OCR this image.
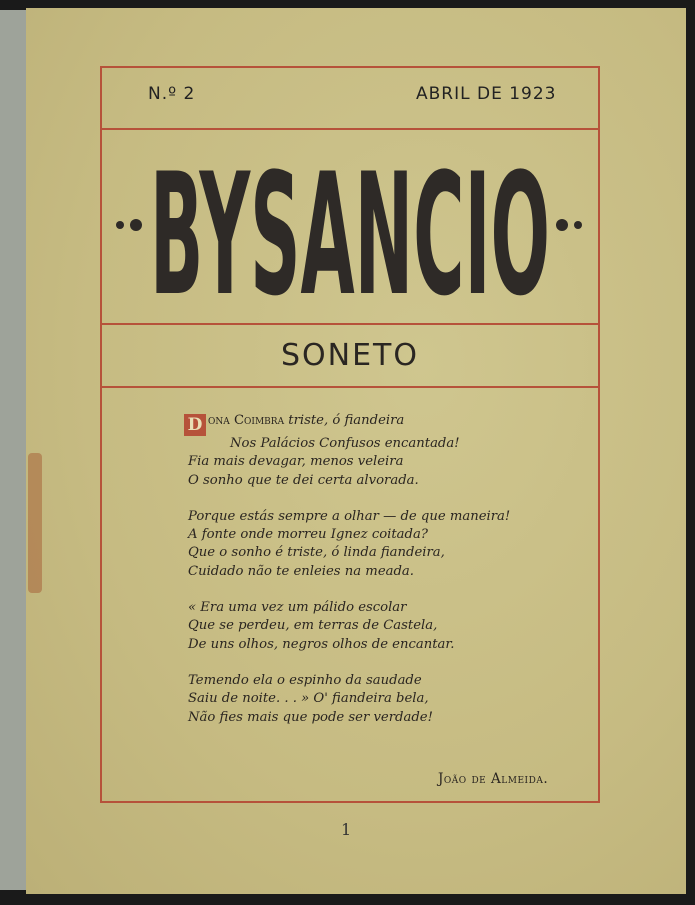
N.º 2	ABRIL DE 1923
BYSANCIO
SONETO
D ona Coimbra triste, ó fiandeira
Nos Palácios Confusos encantada!
Fia mais devagar, menos veleira
O sonho que te dei certa alvorada.
Porque estás sempre a olhar — de que maneira!
A fonte onde morreu Ignez coitada?
Que o sonho é triste, ó linda fiandeira,
Cuidado não te enleies na meada.
« Era uma vez um pálido escolar
Que se perdeu, em terras de Castela,
De uns olhos, negros olhos de encantar.
Temendo ela o espinho da saudade
Saiu de noite. . . » O' fiandeira bela,
Não fies mais que pode ser verdade!
João de Almeida.
1
